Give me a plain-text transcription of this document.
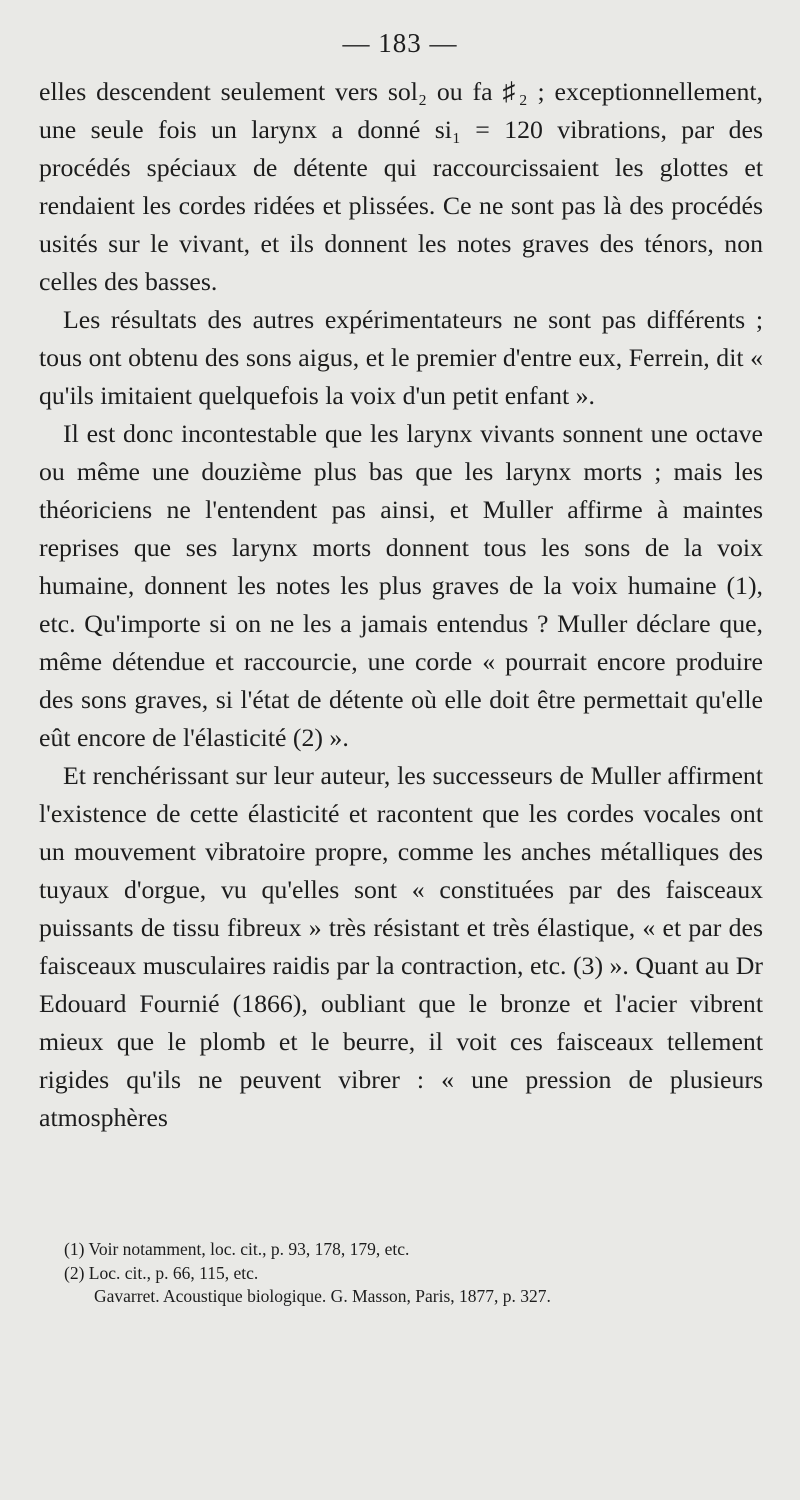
— 183 —

elles descendent seulement vers sol₂ ou fa ♯₂ ; exceptionnellement, une seule fois un larynx a donné si₁ = 120 vibrations, par des procédés spéciaux de détente qui raccourcissaient les glottes et rendaient les cordes ridées et plissées. Ce ne sont pas là des procédés usités sur le vivant, et ils donnent les notes graves des ténors, non celles des basses.

Les résultats des autres expérimentateurs ne sont pas différents ; tous ont obtenu des sons aigus, et le premier d'entre eux, Ferrein, dit « qu'ils imitaient quelquefois la voix d'un petit enfant ».

Il est donc incontestable que les larynx vivants sonnent une octave ou même une douzième plus bas que les larynx morts ; mais les théoriciens ne l'entendent pas ainsi, et Muller affirme à maintes reprises que ses larynx morts donnent tous les sons de la voix humaine, donnent les notes les plus graves de la voix humaine (1), etc. Qu'importe si on ne les a jamais entendus ? Muller déclare que, même détendue et raccourcie, une corde « pourrait encore produire des sons graves, si l'état de détente où elle doit être permettait qu'elle eût encore de l'élasticité (2) ».

Et renchérissant sur leur auteur, les successeurs de Muller affirment l'existence de cette élasticité et racontent que les cordes vocales ont un mouvement vibratoire propre, comme les anches métalliques des tuyaux d'orgue, vu qu'elles sont « constituées par des faisceaux puissants de tissu fibreux » très résistant et très élastique, « et par des faisceaux musculaires raidis par la contraction, etc. (3) ». Quant au Dr Edouard Fournié (1866), oubliant que le bronze et l'acier vibrent mieux que le plomb et le beurre, il voit ces faisceaux tellement rigides qu'ils ne peuvent vibrer : « une pression de plusieurs atmosphères

(1) Voir notamment, loc. cit., p. 93, 178, 179, etc.
(2) Loc. cit., p. 66, 115, etc.
Gavarret. Acoustique biologique. G. Masson, Paris, 1877, p. 327.
